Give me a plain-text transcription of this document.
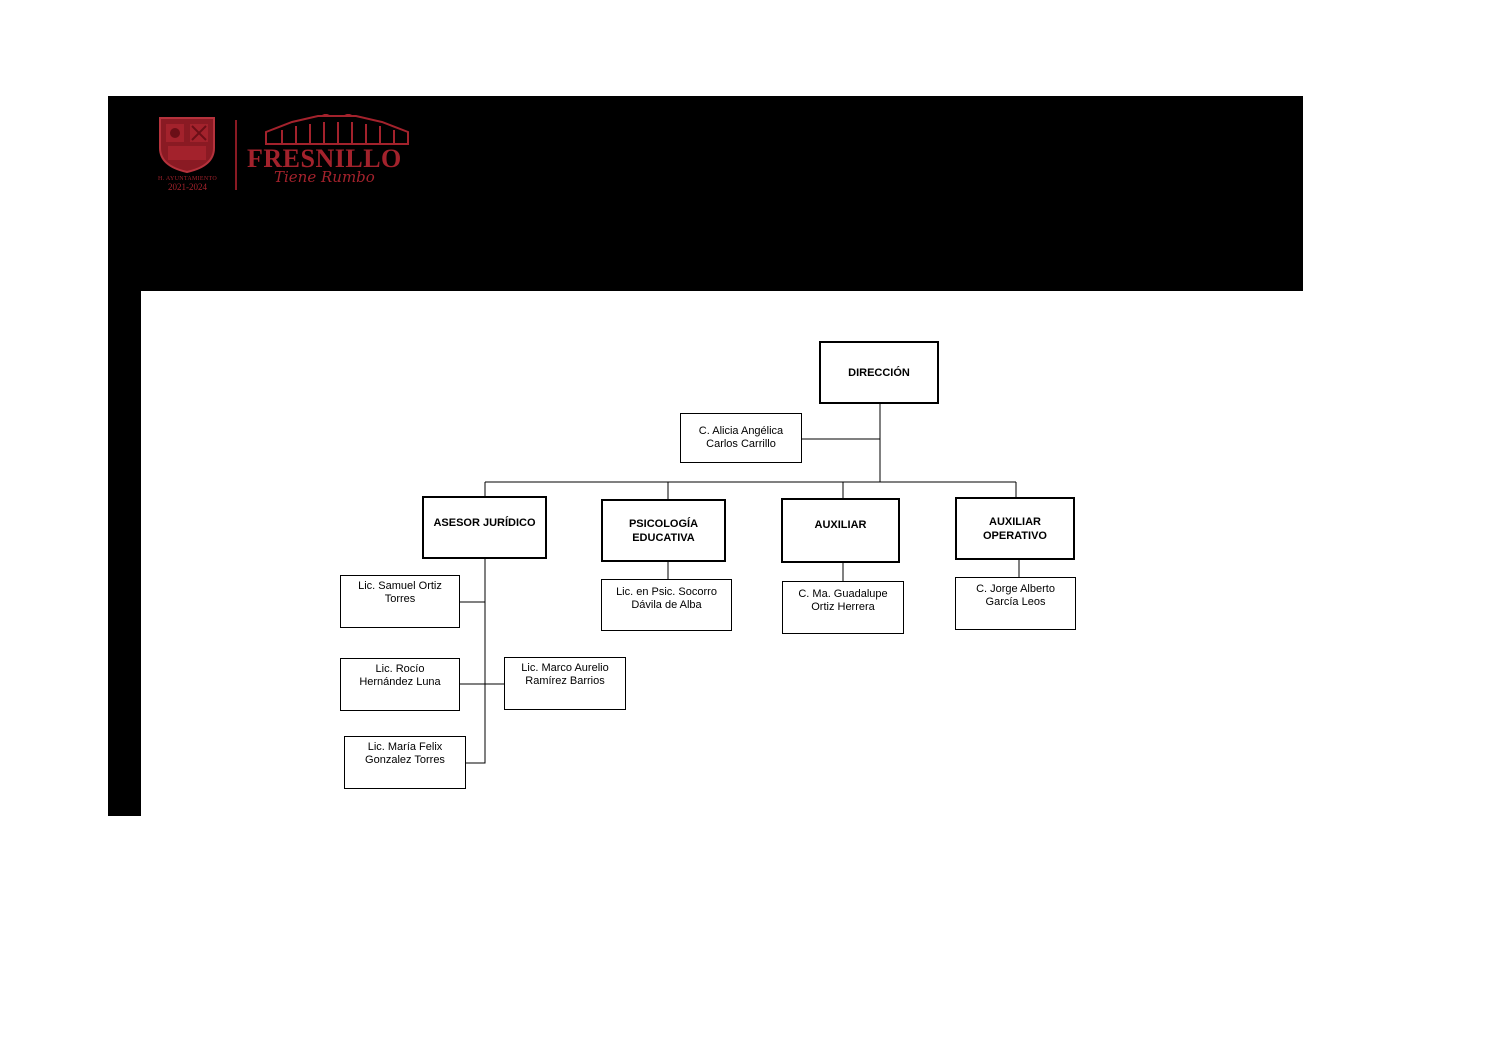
H. AYUNTAMIENTO
2021-2024
FRESNILLO
Tiene Rumbo
DIRECCIÓN
C. Alicia Angélica
Carlos Carrillo
ASESOR JURÍDICO	PSICOLOGÍA
EDUCATIVA
AUXILIAR	AUXILIAR
OPERATIVO
Lic. Samuel Ortiz
Torres
Lic. Rocío
Hernández Luna
Lic. María Felix
Gonzalez Torres
Lic. Marco Aurelio
Ramírez Barrios
Lic. en Psic. Socorro
Dávila de Alba
C. Ma. Guadalupe
Ortiz Herrera
C. Jorge Alberto
García Leos
